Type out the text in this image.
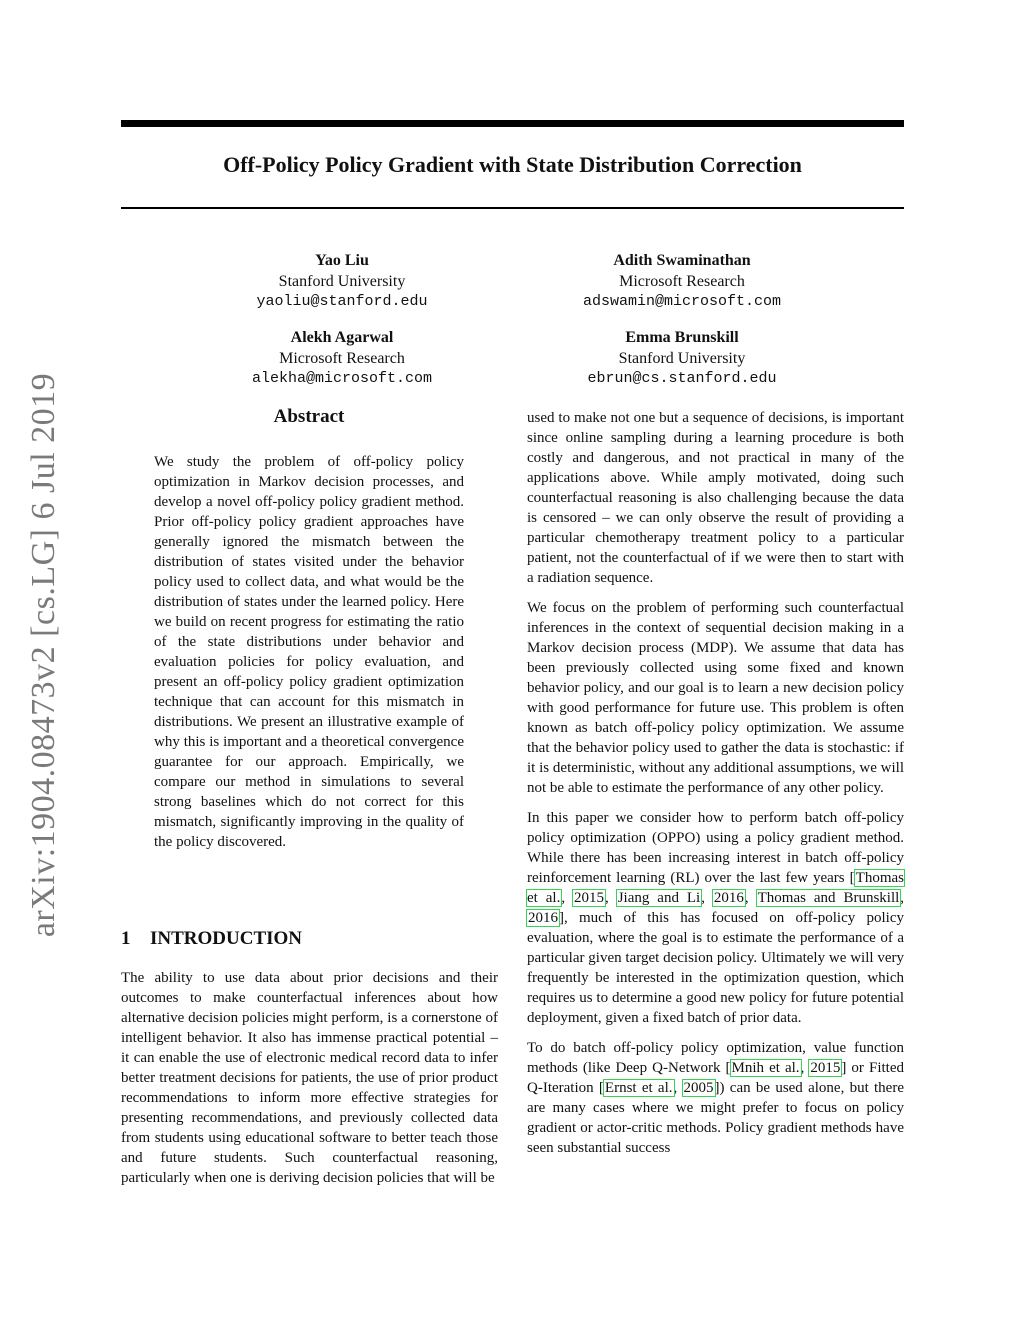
Off-Policy Policy Gradient with State Distribution Correction
Yao Liu
Stanford University
yaoliu@stanford.edu
Adith Swaminathan
Microsoft Research
adswamin@microsoft.com
Alekh Agarwal
Microsoft Research
alekha@microsoft.com
Emma Brunskill
Stanford University
ebrun@cs.stanford.edu
arXiv:1904.08473v2 [cs.LG] 6 Jul 2019	Abstract

We study the problem of off-policy policy optimization in Markov decision processes, and develop a novel off-policy policy gradient method. Prior off-policy policy gradient approaches have generally ignored the mismatch between the distribution of states visited under the behavior policy used to collect data, and what would be the distribution of states under the learned policy. Here we build on recent progress for estimating the ratio of the state distributions under behavior and evaluation policies for policy evaluation, and present an off-policy policy gradient optimization technique that can account for this mismatch in distributions. We present an illustrative example of why this is important and a theoretical convergence guarantee for our approach. Empirically, we compare our method in simulations to several strong baselines which do not correct for this mismatch, significantly improving in the quality of the policy discovered.

1 INTRODUCTION

The ability to use data about prior decisions and their outcomes to make counterfactual inferences about how alternative decision policies might perform, is a cornerstone of intelligent behavior. It also has immense practical potential – it can enable the use of electronic medical record data to infer better treatment decisions for patients, the use of prior product recommendations to inform more effective strategies for presenting recommendations, and previously collected data from students using educational software to better teach those and future students. Such counterfactual reasoning, particularly when one is deriving decision policies that will be

used to make not one but a sequence of decisions, is important since online sampling during a learning procedure is both costly and dangerous, and not practical in many of the applications above. While amply motivated, doing such counterfactual reasoning is also challenging because the data is censored – we can only observe the result of providing a particular chemotherapy treatment policy to a particular patient, not the counterfactual of if we were then to start with a radiation sequence.

We focus on the problem of performing such counterfactual inferences in the context of sequential decision making in a Markov decision process (MDP). We assume that data has been previously collected using some fixed and known behavior policy, and our goal is to learn a new decision policy with good performance for future use. This problem is often known as batch off-policy policy optimization. We assume that the behavior policy used to gather the data is stochastic: if it is deterministic, without any additional assumptions, we will not be able to estimate the performance of any other policy.

In this paper we consider how to perform batch off-policy policy optimization (OPPO) using a policy gradient method. While there has been increasing interest in batch off-policy reinforcement learning (RL) over the last few years [Thomas et al., 2015, Jiang and Li, 2016, Thomas and Brunskill, 2016], much of this has focused on off-policy policy evaluation, where the goal is to estimate the performance of a particular given target decision policy. Ultimately we will very frequently be interested in the optimization question, which requires us to determine a good new policy for future potential deployment, given a fixed batch of prior data.

To do batch off-policy policy optimization, value function methods (like Deep Q-Network [Mnih et al., 2015] or Fitted Q-Iteration [Ernst et al., 2005]) can be used alone, but there are many cases where we might prefer to focus on policy gradient or actor-critic methods. Policy gradient methods have seen substantial success
